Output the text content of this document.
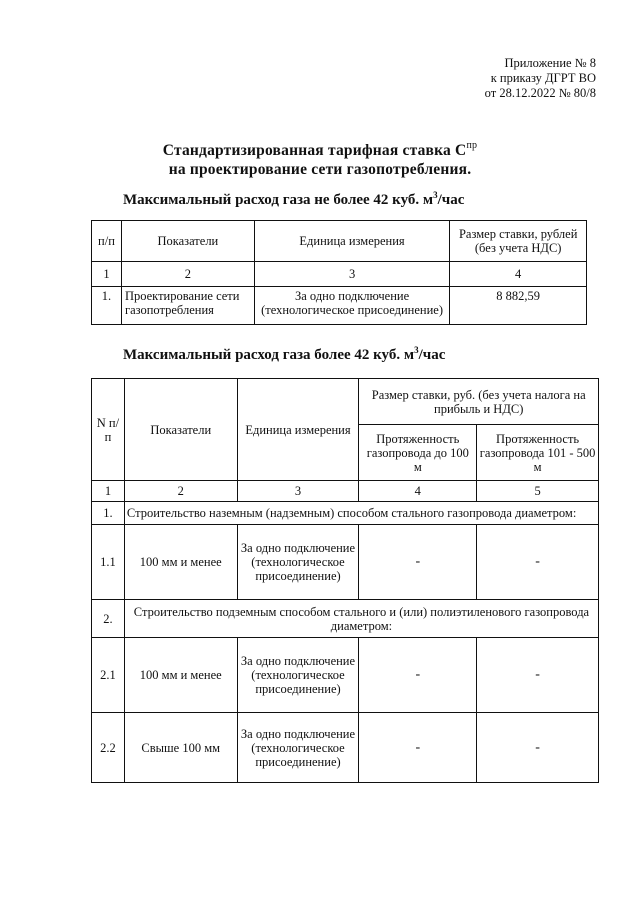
Приложение № 8
к приказу ДГРТ ВО
от 28.12.2022 № 80/8
Стандартизированная тарифная ставка $C^{пр}$
на проектирование сети газопотребления.
Максимальный расход газа не более 42 куб. $м^3$/час
п/п	Показатели	Единица измерения	Размер ставки, рублей (без учета НДС)
1	2	3	4
1.	Проектирование сети газопотребления	За одно подключение (технологическое присоединение)	8 882,59
Максимальный расход газа более 42 куб. $м^3$/час
N п/п	Показатели	Единица измерения	Размер ставки, руб. (без учета налога на прибыль и НДС)	
			Протяженность газопровода до 100 м	Протяженность газопровода 101 - 500 м
1	2	3	4	5
1.	Строительство наземным (надземным) способом стального газопровода диаметром:			
1.1	100 мм и менее	За одно подключение (технологическое присоединение)	-	-
2.	Строительство подземным способом стального и (или) полиэтиленового газопровода диаметром:			
2.1	100 мм и менее	За одно подключение (технологическое присоединение)	-	-
2.2	Свыше 100 мм	За одно подключение (технологическое присоединение)	-	-
